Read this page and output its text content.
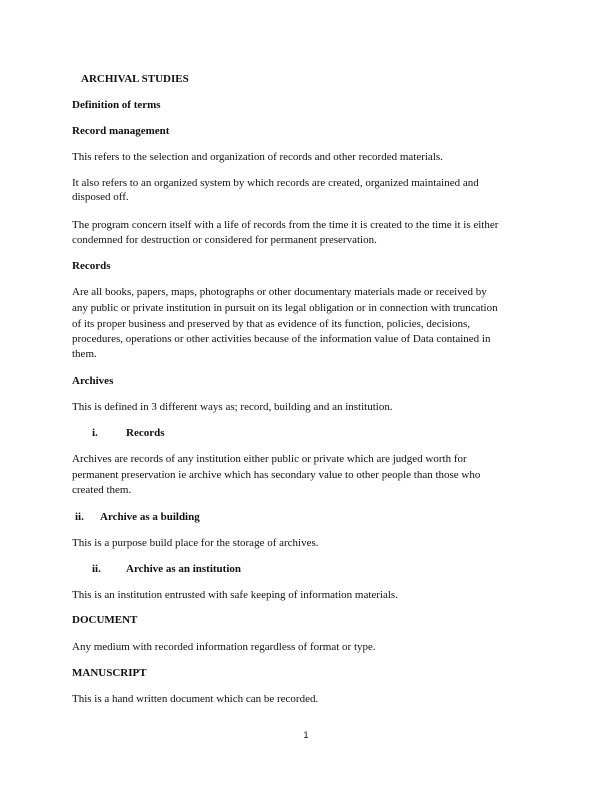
ARCHIVAL STUDIES

Definition of terms

Record management

This refers to the selection and organization of records and other recorded materials.

It also refers to an organized system by which records are created, organized maintained and

disposed off.

The program concern itself with a life of records from the time it is created to the time it is either

condemned for destruction or considered for permanent preservation.

Records

Are all books, papers, maps, photographs or other documentary materials made or received by

any public or private institution in pursuit on its legal obligation or in connection with truncation

of its proper business and preserved by that as evidence of its function, policies, decisions,

procedures, operations or other activities because of the information value of Data contained in

them.

Archives

This is defined in 3 different ways as; record, building and an institution.

i.	Records

Archives are records of any institution either public or private which are judged worth for

permanent preservation ie archive which has secondary value to other people than those who

created them.

ii. Archive as a building

This is a purpose build place for the storage of archives.

ii. Archive as an institution

This is an institution entrusted with safe keeping of information materials.

DOCUMENT

Any medium with recorded information regardless of format or type.

MANUSCRIPT

This is a hand written document which can be recorded.

1
